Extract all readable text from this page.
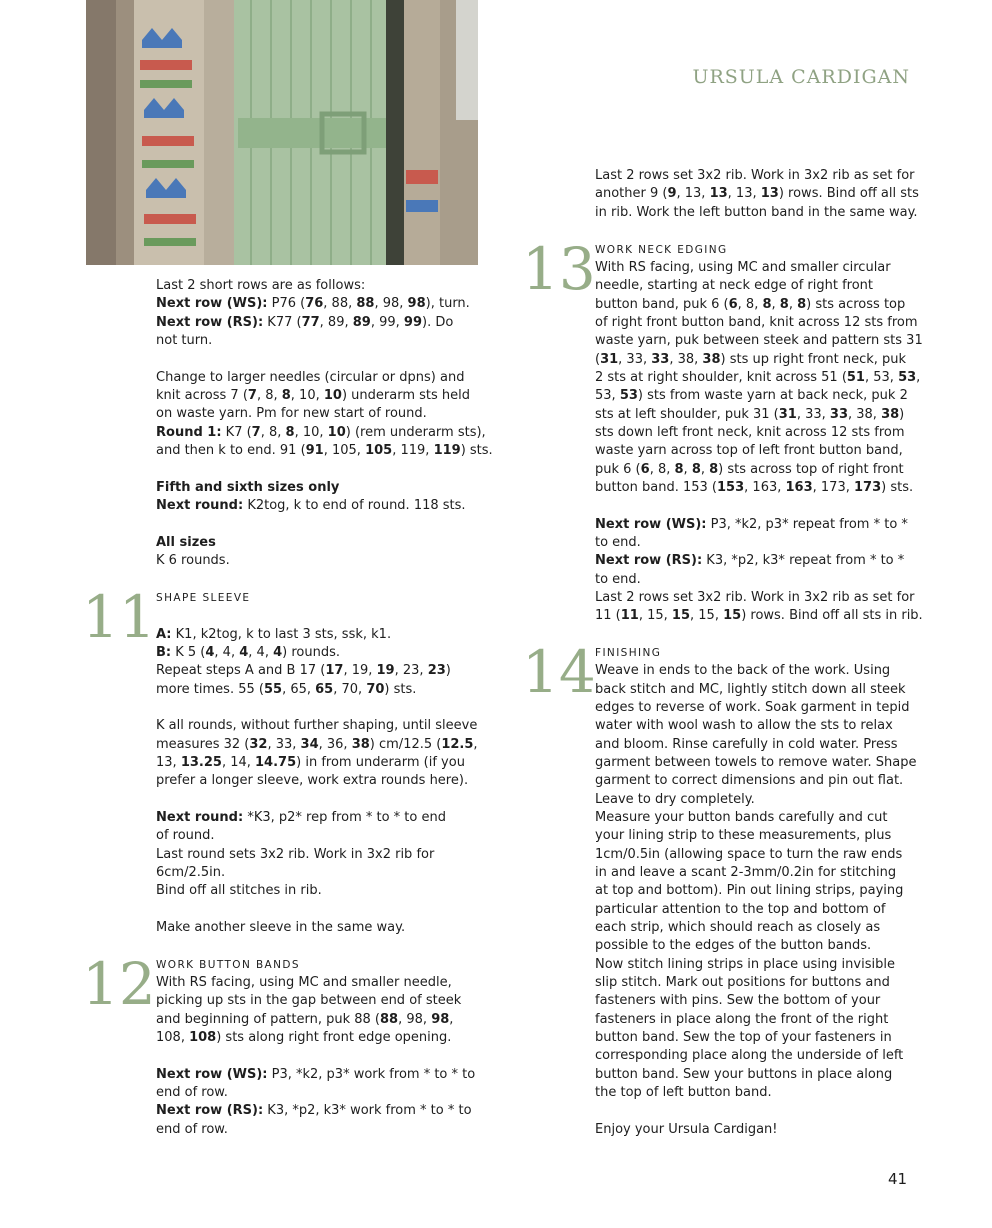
URSULA CARDIGAN
11
12
13
14
Last 2 short rows are as follows:
Next row (WS): P76 (76, 88, 88, 98, 98), turn.
Next row (RS): K77 (77, 89, 89, 99, 99). Do
not turn.
Change to larger needles (circular or dpns) and
knit across 7 (7, 8, 8, 10, 10) underarm sts held
on waste yarn. Pm for new start of round.
Round 1: K7 (7, 8, 8, 10, 10) (rem underarm sts),
and then k to end. 91 (91, 105, 105, 119, 119) sts.
Fifth and sixth sizes only
Next round: K2tog, k to end of round. 118 sts.
All sizes
K 6 rounds.
SHAPE SLEEVE
A: K1, k2tog, k to last 3 sts, ssk, k1.
B: K 5 (4, 4, 4, 4, 4) rounds.
Repeat steps A and B 17 (17, 19, 19, 23, 23)
more times. 55 (55, 65, 65, 70, 70) sts.
K all rounds, without further shaping, until sleeve
measures 32 (32, 33, 34, 36, 38) cm/12.5 (12.5,
13, 13.25, 14, 14.75) in from underarm (if you
prefer a longer sleeve, work extra rounds here).
Next round: *K3, p2* rep from * to * to end
of round.
Last round sets 3x2 rib. Work in 3x2 rib for
6cm/2.5in.
Bind off all stitches in rib.
Make another sleeve in the same way.
WORK BUTTON BANDS
With RS facing, using MC and smaller needle,
picking up sts in the gap between end of steek
and beginning of pattern, puk 88 (88, 98, 98,
108, 108) sts along right front edge opening.
Next row (WS): P3, *k2, p3* work from * to * to
end of row.
Next row (RS): K3, *p2, k3* work from * to * to
end of row.
Last 2 rows set 3x2 rib. Work in 3x2 rib as set for
another 9 (9, 13, 13, 13, 13) rows. Bind off all sts
in rib. Work the left button band in the same way.
WORK NECK EDGING
With RS facing, using MC and smaller circular
needle, starting at neck edge of right front
button band, puk 6 (6, 8, 8, 8, 8) sts across top
of right front button band, knit across 12 sts from
waste yarn, puk between steek and pattern sts 31
(31, 33, 33, 38, 38) sts up right front neck, puk
2 sts at right shoulder, knit across 51 (51, 53, 53,
53, 53) sts from waste yarn at back neck, puk 2
sts at left shoulder, puk 31 (31, 33, 33, 38, 38)
sts down left front neck, knit across 12 sts from
waste yarn across top of left front button band,
puk 6 (6, 8, 8, 8, 8) sts across top of right front
button band. 153 (153, 163, 163, 173, 173) sts.
Next row (WS): P3, *k2, p3* repeat from * to *
to end.
Next row (RS): K3, *p2, k3* repeat from * to *
to end.
Last 2 rows set 3x2 rib. Work in 3x2 rib as set for
11 (11, 15, 15, 15, 15) rows. Bind off all sts in rib.
FINISHING
Weave in ends to the back of the work. Using
back stitch and MC, lightly stitch down all steek
edges to reverse of work. Soak garment in tepid
water with wool wash to allow the sts to relax
and bloom. Rinse carefully in cold water. Press
garment between towels to remove water. Shape
garment to correct dimensions and pin out flat.
Leave to dry completely.
Measure your button bands carefully and cut
your lining strip to these measurements, plus
1cm/0.5in (allowing space to turn the raw ends
in and leave a scant 2-3mm/0.2in for stitching
at top and bottom). Pin out lining strips, paying
particular attention to the top and bottom of
each strip, which should reach as closely as
possible to the edges of the button bands.
Now stitch lining strips in place using invisible
slip stitch. Mark out positions for buttons and
fasteners with pins. Sew the bottom of your
fasteners in place along the front of the right
button band. Sew the top of your fasteners in
corresponding place along the underside of left
button band. Sew your buttons in place along
the top of left button band.
Enjoy your Ursula Cardigan!
41
